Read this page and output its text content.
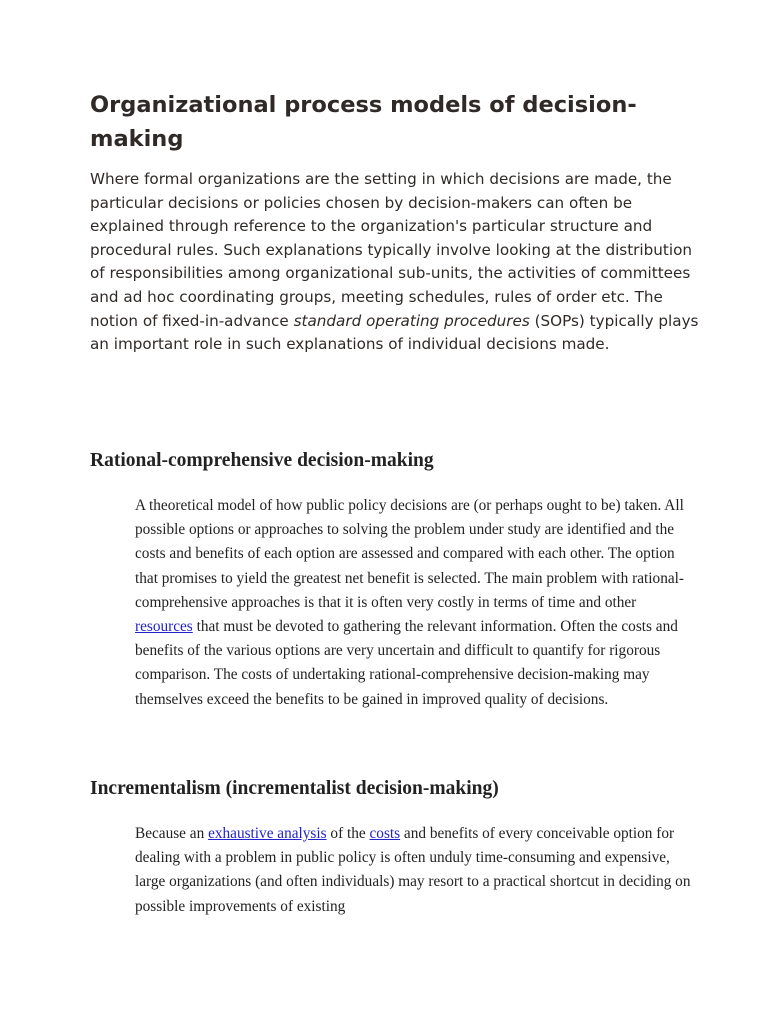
Organizational process models of decision-making

Where formal organizations are the setting in which decisions are made, the particular decisions or policies chosen by decision-makers can often be explained through reference to the organization's particular structure and procedural rules. Such explanations typically involve looking at the distribution of responsibilities among organizational sub-units, the activities of committees and ad hoc coordinating groups, meeting schedules, rules of order etc. The notion of fixed-in-advance standard operating procedures (SOPs) typically plays an important role in such explanations of individual decisions made.

Rational-comprehensive decision-making

A theoretical model of how public policy decisions are (or perhaps ought to be) taken. All possible options or approaches to solving the problem under study are identified and the costs and benefits of each option are assessed and compared with each other. The option that promises to yield the greatest net benefit is selected. The main problem with rational-comprehensive approaches is that it is often very costly in terms of time and other resources that must be devoted to gathering the relevant information. Often the costs and benefits of the various options are very uncertain and difficult to quantify for rigorous comparison. The costs of undertaking rational-comprehensive decision-making may themselves exceed the benefits to be gained in improved quality of decisions.

Incrementalism (incrementalist decision-making)

Because an exhaustive analysis of the costs and benefits of every conceivable option for dealing with a problem in public policy is often unduly time-consuming and expensive, large organizations (and often individuals) may resort to a practical shortcut in deciding on possible improvements of existing
